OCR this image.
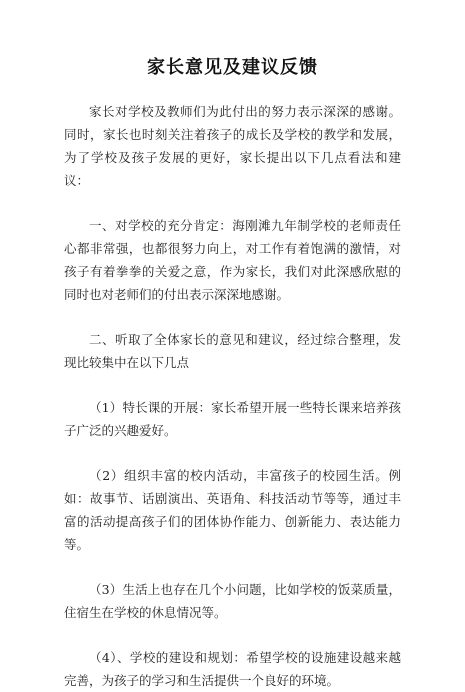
家长意见及建议反馈

家长对学校及教师们为此付出的努力表示深深的感谢。同时，家长也时刻关注着孩子的成长及学校的教学和发展，为了学校及孩子发展的更好，家长提出以下几点看法和建议：

一、对学校的充分肯定：海刚滩九年制学校的老师责任心都非常强，也都很努力向上，对工作有着饱满的激情，对孩子有着拳拳的关爱之意，作为家长，我们对此深感欣慰的同时也对老师们的付出表示深深地感谢。

二、听取了全体家长的意见和建议，经过综合整理，发现比较集中在以下几点

（1）特长课的开展：家长希望开展一些特长课来培养孩子广泛的兴趣爱好。

（2）组织丰富的校内活动，丰富孩子的校园生活。例如：故事节、话剧演出、英语角、科技活动节等等，通过丰富的活动提高孩子们的团体协作能力、创新能力、表达能力等。

（3）生活上也存在几个小问题，比如学校的饭菜质量，住宿生在学校的休息情况等。

（4）、学校的建设和规划：希望学校的设施建设越来越完善，为孩子的学习和生活提供一个良好的环境。
